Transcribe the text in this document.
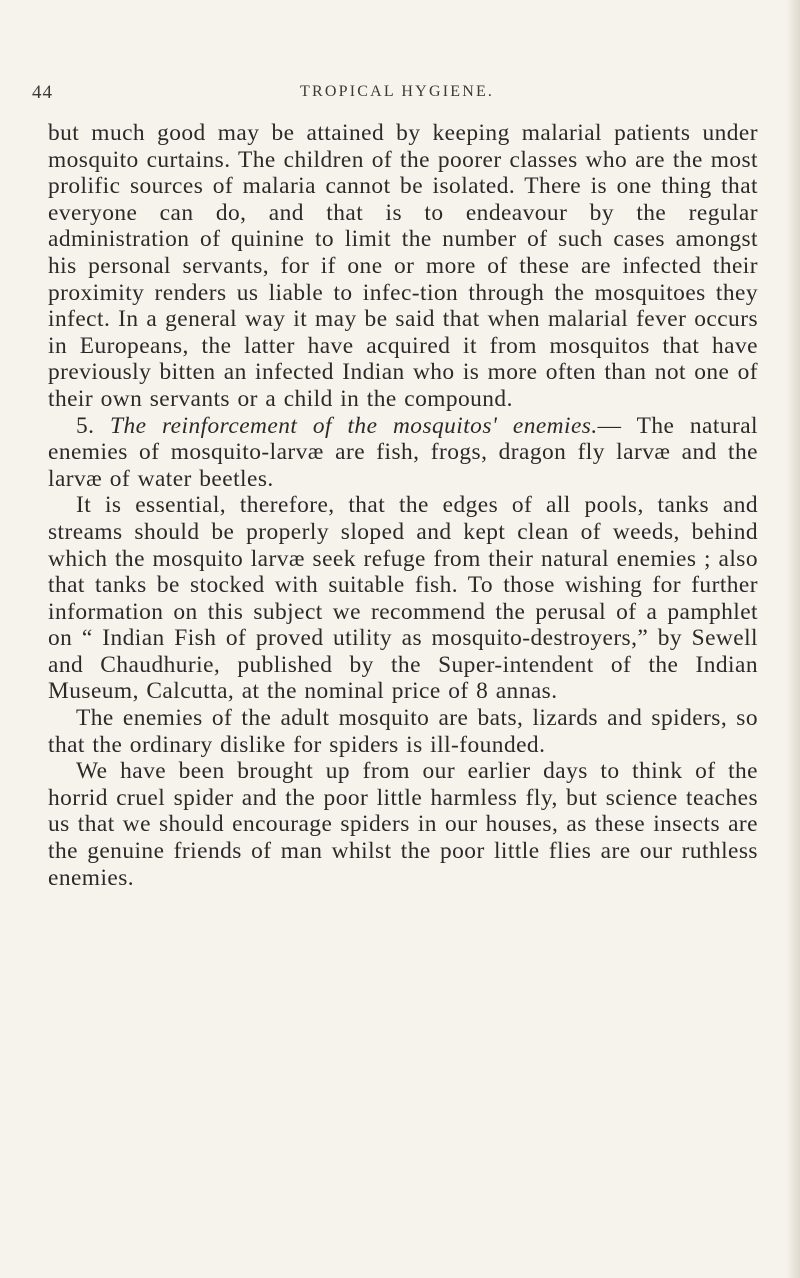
44	TROPICAL HYGIENE.

but much good may be attained by keeping malarial patients under mosquito curtains. The children of the poorer classes who are the most prolific sources of malaria cannot be isolated. There is one thing that everyone can do, and that is to endeavour by the regular administration of quinine to limit the number of such cases amongst his personal servants, for if one or more of these are infected their proximity renders us liable to infec-tion through the mosquitoes they infect. In a general way it may be said that when malarial fever occurs in Europeans, the latter have acquired it from mosquitos that have previously bitten an infected Indian who is more often than not one of their own servants or a child in the compound.

5. The reinforcement of the mosquitos' enemies.— The natural enemies of mosquito-larvæ are fish, frogs, dragon fly larvæ and the larvæ of water beetles.

It is essential, therefore, that the edges of all pools, tanks and streams should be properly sloped and kept clean of weeds, behind which the mosquito larvæ seek refuge from their natural enemies ; also that tanks be stocked with suitable fish. To those wishing for further information on this subject we recommend the perusal of a pamphlet on “ Indian Fish of proved utility as mosquito-destroyers,” by Sewell and Chaudhurie, published by the Super-intendent of the Indian Museum, Calcutta, at the nominal price of 8 annas.

The enemies of the adult mosquito are bats, lizards and spiders, so that the ordinary dislike for spiders is ill-founded.

We have been brought up from our earlier days to think of the horrid cruel spider and the poor little harmless fly, but science teaches us that we should encourage spiders in our houses, as these insects are the genuine friends of man whilst the poor little flies are our ruthless enemies.
